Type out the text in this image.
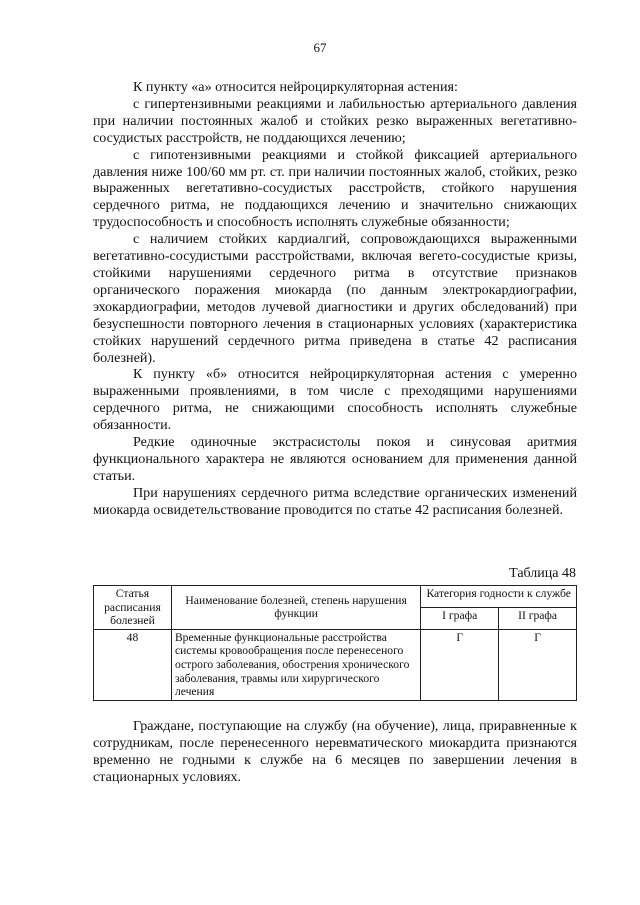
67

К пункту «а» относится нейроциркуляторная астения:

с гипертензивными реакциями и лабильностью артериального давления при наличии постоянных жалоб и стойких резко выраженных вегетативно-сосудистых расстройств, не поддающихся лечению;

с гипотензивными реакциями и стойкой фиксацией артериального давления ниже 100/60 мм рт. ст. при наличии постоянных жалоб, стойких, резко выраженных вегетативно-сосудистых расстройств, стойкого нарушения сердечного ритма, не поддающихся лечению и значительно снижающих трудоспособность и способность исполнять служебные обязанности;

с наличием стойких кардиалгий, сопровождающихся выраженными вегетативно-сосудистыми расстройствами, включая вегето-сосудистые кризы, стойкими нарушениями сердечного ритма в отсутствие признаков органического поражения миокарда (по данным электрокардиографии, эхокардиографии, методов лучевой диагностики и других обследований) при безуспешности повторного лечения в стационарных условиях (характеристика стойких нарушений сердечного ритма приведена в статье 42 расписания болезней).

К пункту «б» относится нейроциркуляторная астения с умеренно выраженными проявлениями, в том числе с преходящими нарушениями сердечного ритма, не снижающими способность исполнять служебные обязанности.

Редкие одиночные экстрасистолы покоя и синусовая аритмия функционального характера не являются основанием для применения данной статьи.

При нарушениях сердечного ритма вследствие органических изменений миокарда освидетельствование проводится по статье 42 расписания болезней.

Таблица 48
Статья расписания болезней	Наименование болезней, степень нарушения функции	Категория годности к службе	
		I графа	II графа
48	Временные функциональные расстройства системы кровообращения после перенесеного острого заболевания, обострения хронического заболевания, травмы или хирургического лечения	Г	Г

Граждане, поступающие на службу (на обучение), лица, приравненные к сотрудникам, после перенесенного неревматического миокардита признаются временно не годными к службе на 6 месяцев по завершении лечения в стационарных условиях.
